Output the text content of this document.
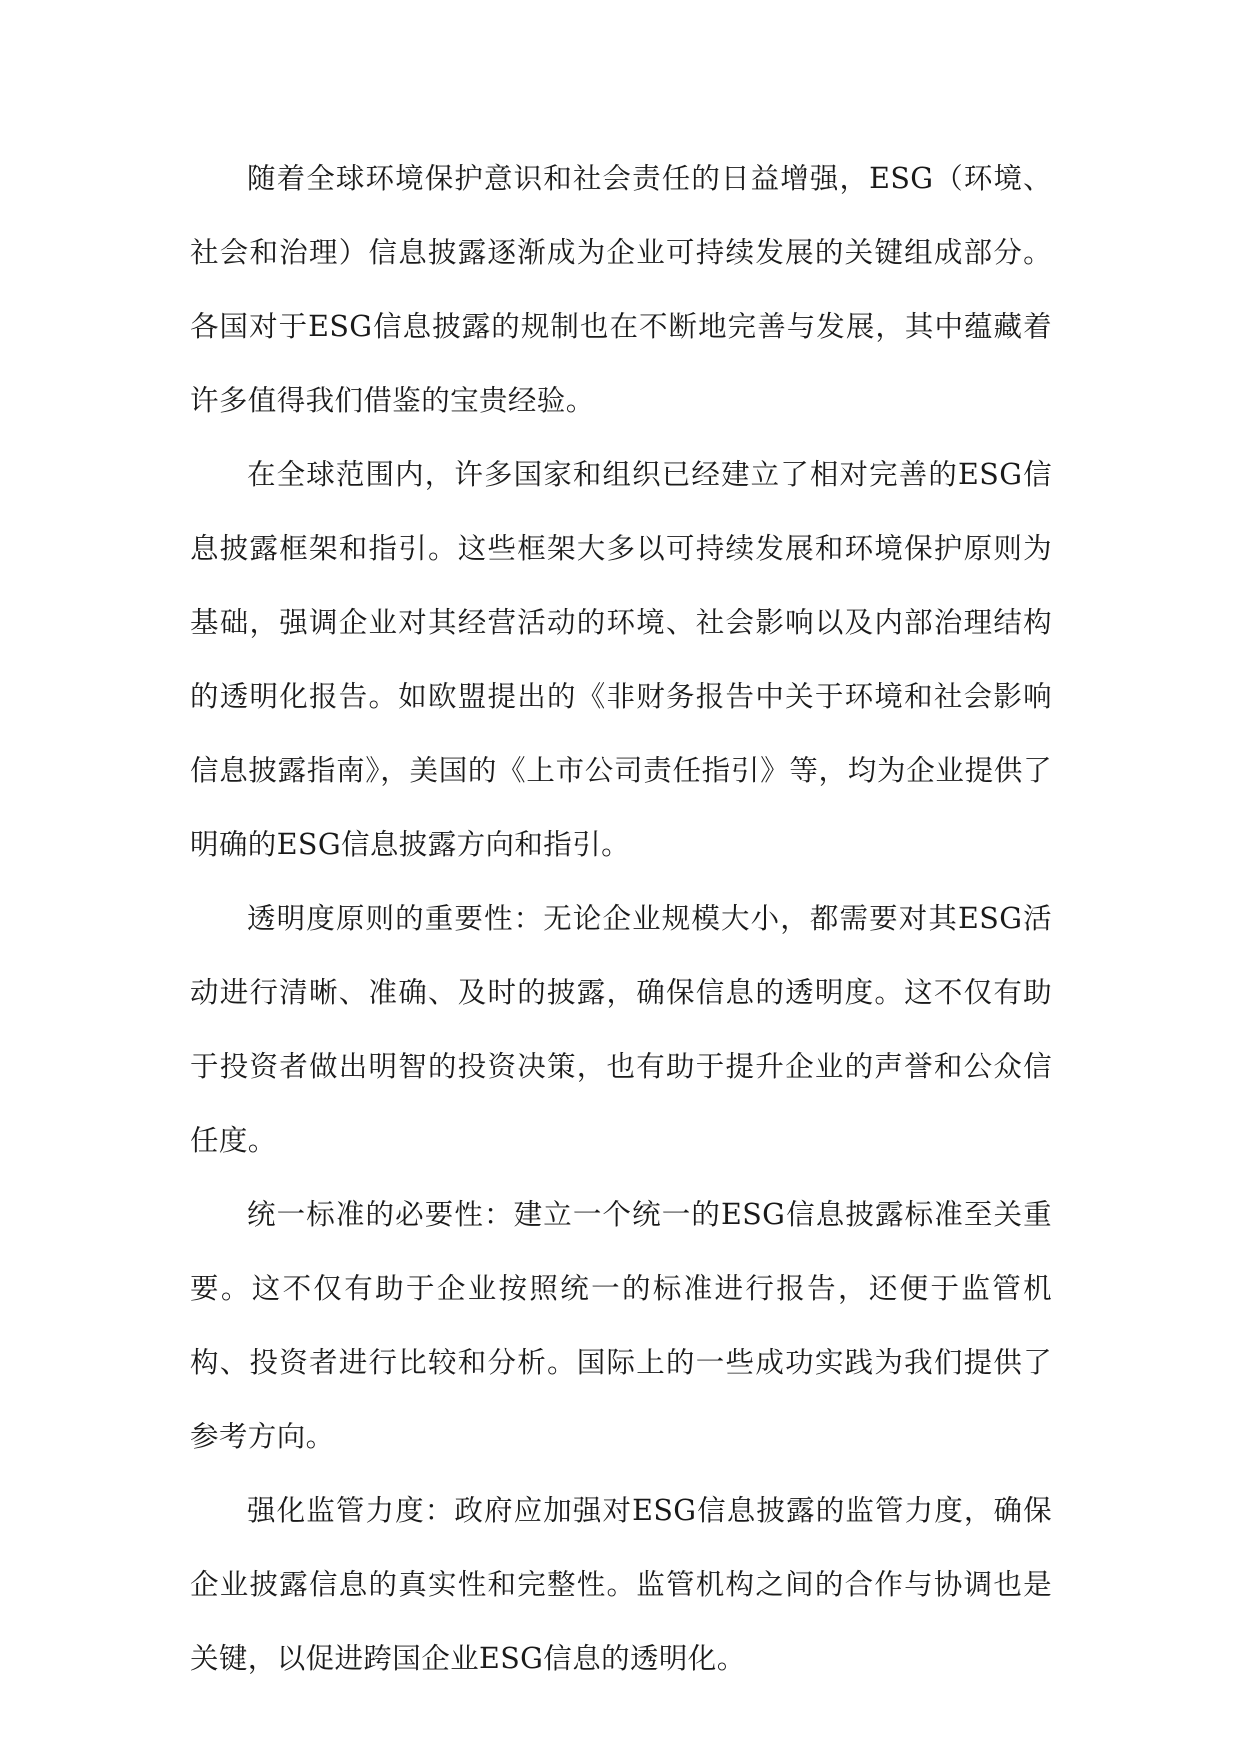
随着全球环境保护意识和社会责任的日益增强，ESG（环境、社会和治理）信息披露逐渐成为企业可持续发展的关键组成部分。各国对于ESG信息披露的规制也在不断地完善与发展，其中蕴藏着许多值得我们借鉴的宝贵经验。

在全球范围内，许多国家和组织已经建立了相对完善的ESG信息披露框架和指引。这些框架大多以可持续发展和环境保护原则为基础，强调企业对其经营活动的环境、社会影响以及内部治理结构的透明化报告。如欧盟提出的《非财务报告中关于环境和社会影响信息披露指南》，美国的《上市公司责任指引》等，均为企业提供了明确的ESG信息披露方向和指引。

透明度原则的重要性：无论企业规模大小，都需要对其ESG活动进行清晰、准确、及时的披露，确保信息的透明度。这不仅有助于投资者做出明智的投资决策，也有助于提升企业的声誉和公众信任度。

统一标准的必要性：建立一个统一的ESG信息披露标准至关重要。这不仅有助于企业按照统一的标准进行报告，还便于监管机构、投资者进行比较和分析。国际上的一些成功实践为我们提供了参考方向。

强化监管力度：政府应加强对ESG信息披露的监管力度，确保企业披露信息的真实性和完整性。监管机构之间的合作与协调也是关键，以促进跨国企业ESG信息的透明化。
